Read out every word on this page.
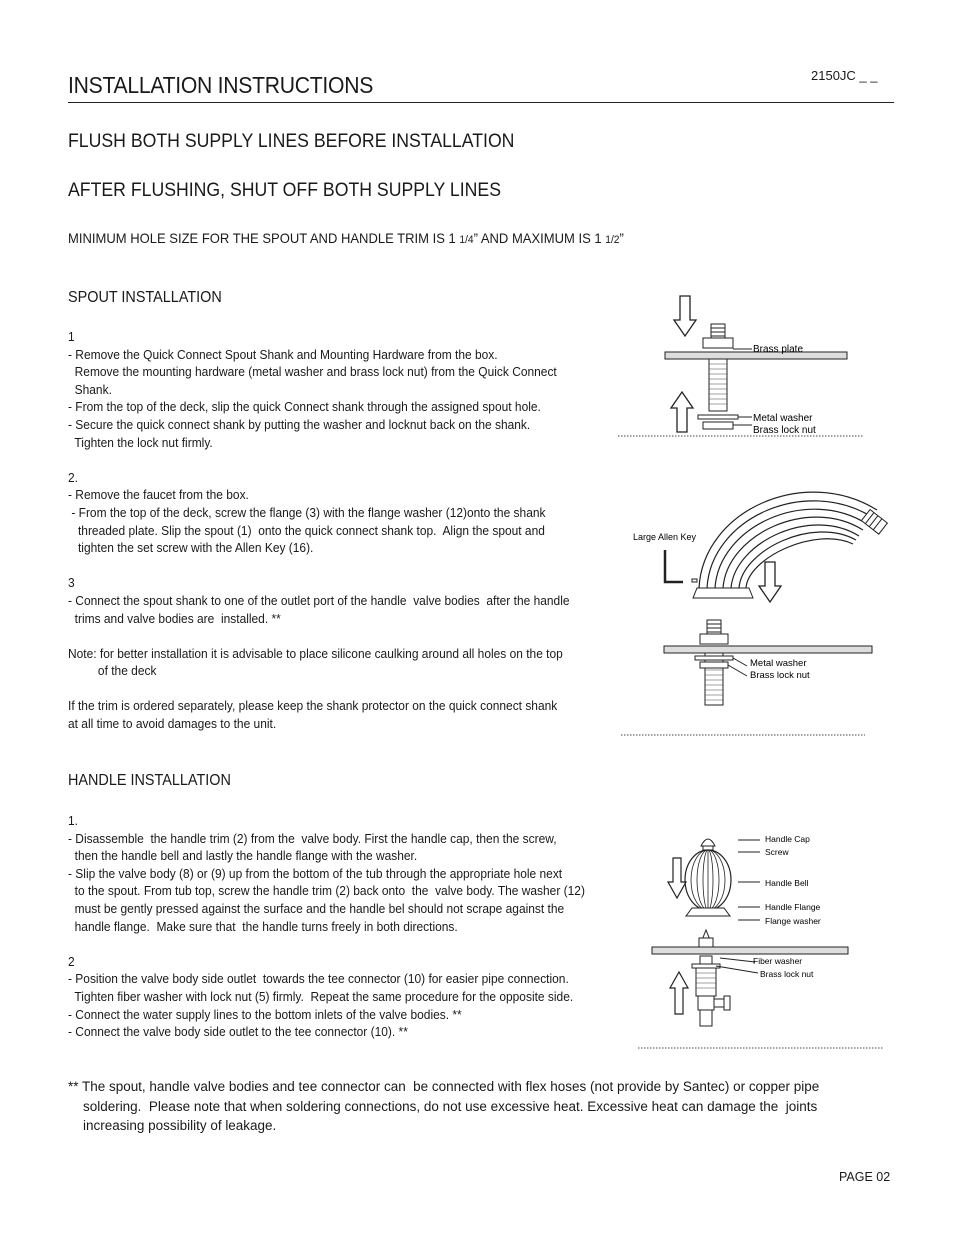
INSTALLATION INSTRUCTIONS	2150JC _ _
FLUSH BOTH SUPPLY LINES BEFORE INSTALLATION
AFTER FLUSHING, SHUT OFF BOTH SUPPLY LINES
MINIMUM HOLE SIZE FOR THE SPOUT AND HANDLE TRIM IS 1 1/4” AND MAXIMUM IS 1 1/2”
SPOUT INSTALLATION
1
- Remove the Quick Connect Spout Shank and Mounting Hardware from the box.
Remove the mounting hardware (metal washer and brass lock nut) from the Quick Connect
Shank.
- From the top of the deck, slip the quick Connect shank through the assigned spout hole.
- Secure the quick connect shank by putting the washer and locknut back on the shank.
Tighten the lock nut firmly.

2.
- Remove the faucet from the box.
- From the top of the deck, screw the flange (3) with the flange washer (12)onto the shank
threaded plate. Slip the spout (1)  onto the quick connect shank top.  Align the spout and
tighten the set screw with the Allen Key (16).

3
- Connect the spout shank to one of the outlet port of the handle  valve bodies  after the handle
trims and valve bodies are  installed. **

Note: for better installation it is advisable to place silicone caulking around all holes on the top
of the deck

If the trim is ordered separately, please keep the shank protector on the quick connect shank
at all time to avoid damages to the unit.
Brass plate
Metal washer
Brass lock nut
Large Allen Key
Metal washer
Brass lock nut
HANDLE INSTALLATION
1.
- Disassemble  the handle trim (2) from the  valve body. First the handle cap, then the screw,
then the handle bell and lastly the handle flange with the washer.
- Slip the valve body (8) or (9) up from the bottom of the tub through the appropriate hole next
to the spout. From tub top, screw the handle trim (2) back onto  the  valve body. The washer (12)
must be gently pressed against the surface and the handle bel should not scrape against the
handle flange.  Make sure that  the handle turns freely in both directions.

2
- Position the valve body side outlet  towards the tee connector (10) for easier pipe connection.
Tighten fiber washer with lock nut (5) firmly.  Repeat the same procedure for the opposite side.
- Connect the water supply lines to the bottom inlets of the valve bodies. **
- Connect the valve body side outlet to the tee connector (10). **
Handle Cap
Screw
Handle Bell
Handle Flange
Flange washer
Fiber washer
Brass lock nut
** The spout, handle valve bodies and tee connector can  be connected with flex hoses (not provide by Santec) or copper pipe
soldering.  Please note that when soldering connections, do not use excessive heat. Excessive heat can damage the  joints
increasing possibility of leakage.
PAGE 02
